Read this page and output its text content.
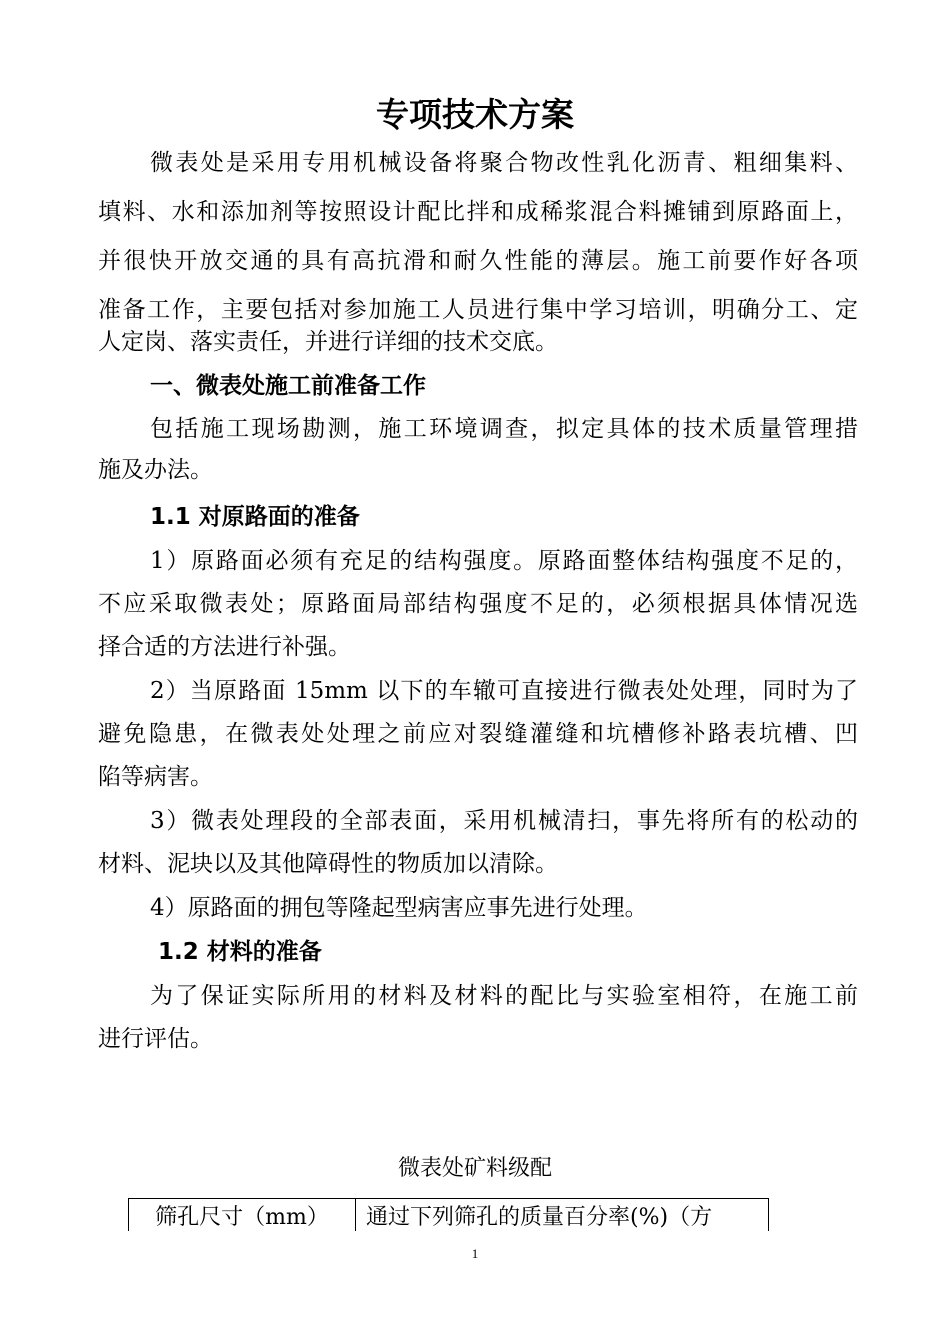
专项技术方案
微表处是采用专用机械设备将聚合物改性乳化沥青、粗细集料、
填料、水和添加剂等按照设计配比拌和成稀浆混合料摊铺到原路面上，
并很快开放交通的具有高抗滑和耐久性能的薄层。施工前要作好各项
准备工作，主要包括对参加施工人员进行集中学习培训，明确分工、定
人定岗、落实责任，并进行详细的技术交底。
一、微表处施工前准备工作
包括施工现场勘测，施工环境调查，拟定具体的技术质量管理措
施及办法。
1.1 对原路面的准备
1）原路面必须有充足的结构强度。原路面整体结构强度不足的，
不应采取微表处；原路面局部结构强度不足的，必须根据具体情况选
择合适的方法进行补强。
2）当原路面 15mm 以下的车辙可直接进行微表处处理，同时为了
避免隐患，在微表处处理之前应对裂缝灌缝和坑槽修补路表坑槽、凹
陷等病害。
3）微表处理段的全部表面，采用机械清扫，事先将所有的松动的
材料、泥块以及其他障碍性的物质加以清除。
4）原路面的拥包等隆起型病害应事先进行处理。
1.2 材料的准备
为了保证实际所用的材料及材料的配比与实验室相符，在施工前
进行评估。
微表处矿料级配
筛孔尺寸（mm）	通过下列筛孔的质量百分率(%)（方
1
